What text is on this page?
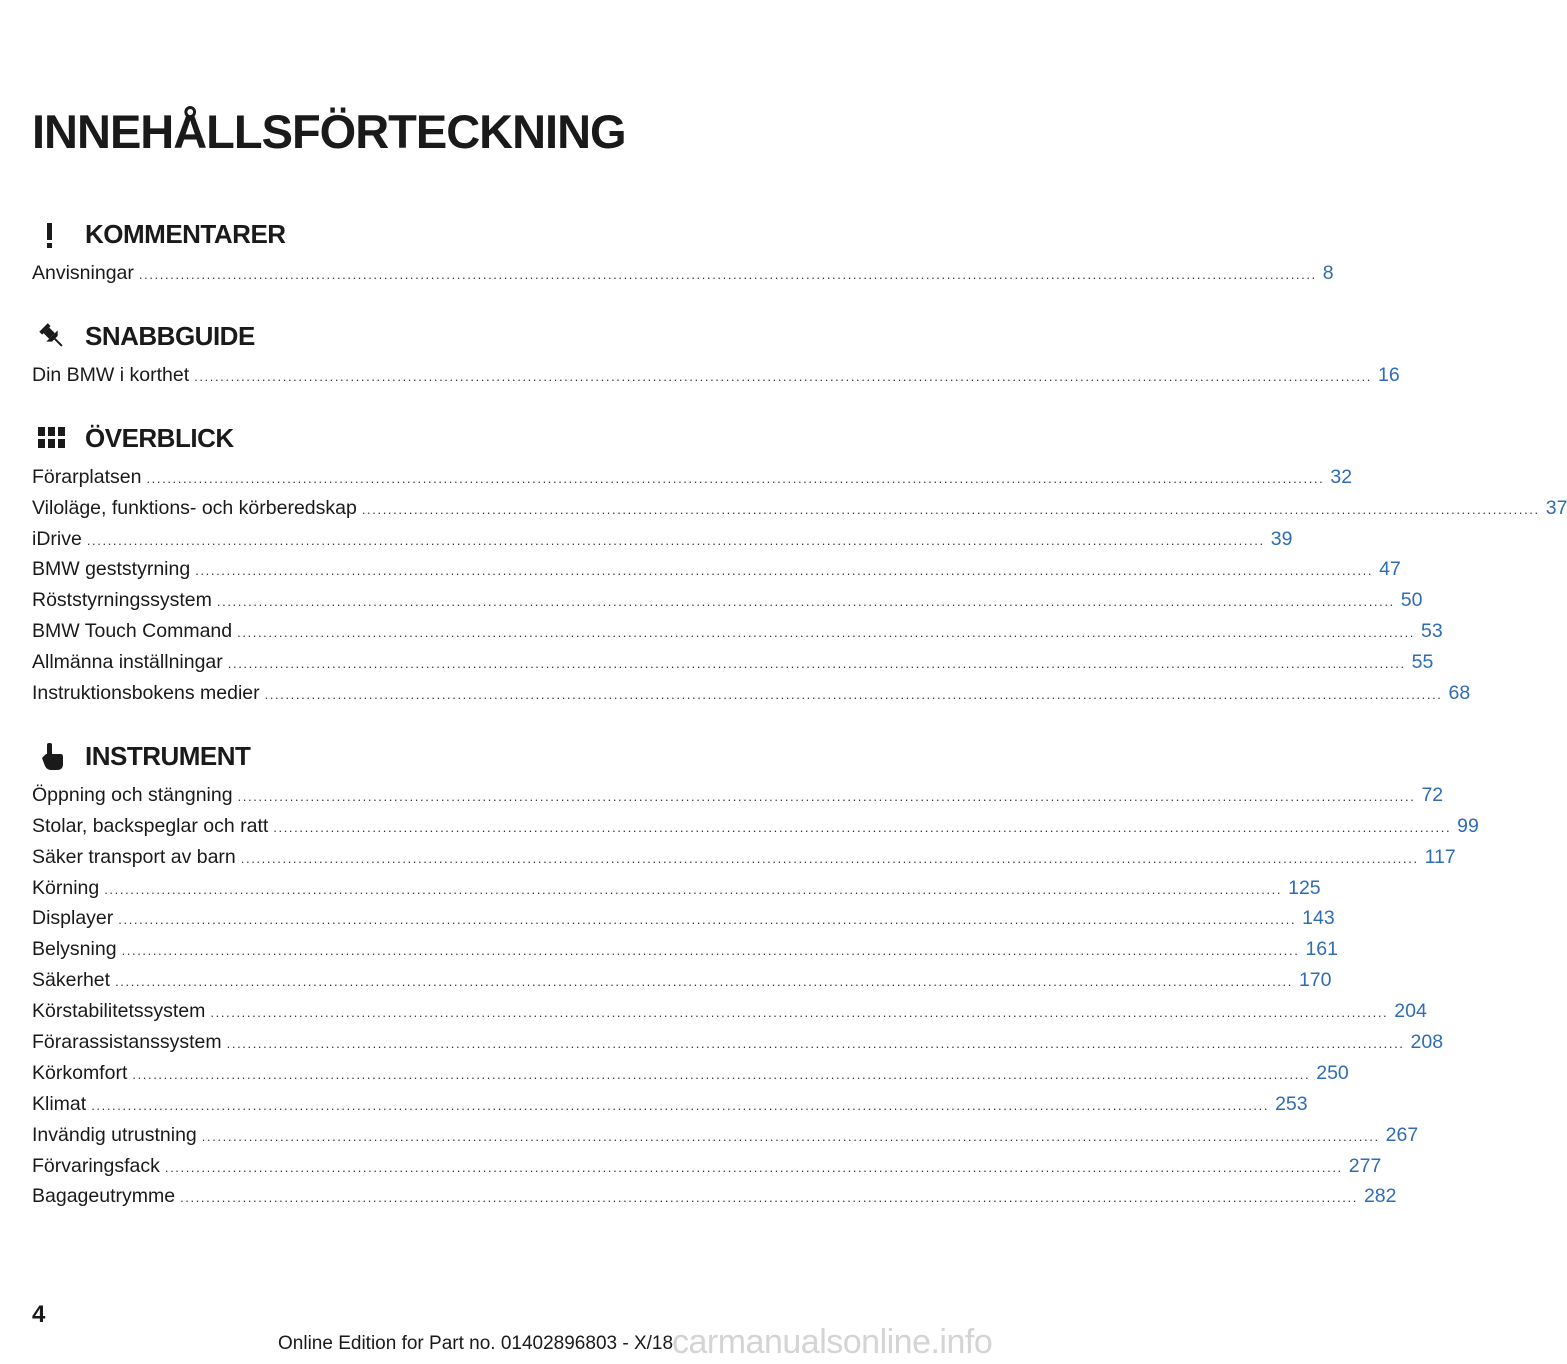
INNEHÅLLSFÖRTECKNING
KOMMENTARER
Anvisningar .....	8
SNABBGUIDE
Din BMW i korthet .....	16
ÖVERBLICK
Förarplatsen .....	32
Viloläge, funktions- och körberedskap .....	37
iDrive .....	39
BMW geststyrning .....	47
Röststyrningssystem .....	50
BMW Touch Command .....	53
Allmänna inställningar .....	55
Instruktionsbokens medier .....	68
INSTRUMENT
Öppning och stängning .....	72
Stolar, backspeglar och ratt .....	99
Säker transport av barn .....	117
Körning .....	125
Displayer .....	143
Belysning .....	161
Säkerhet .....	170
Körstabilitetssystem .....	204
Förarassistanssystem .....	208
Körkomfort .....	250
Klimat .....	253
Invändig utrustning .....	267
Förvaringsfack .....	277
Bagageutrymme .....	282
4
Online Edition for Part no. 01402896803 - X/18
carmanualsonline.info
